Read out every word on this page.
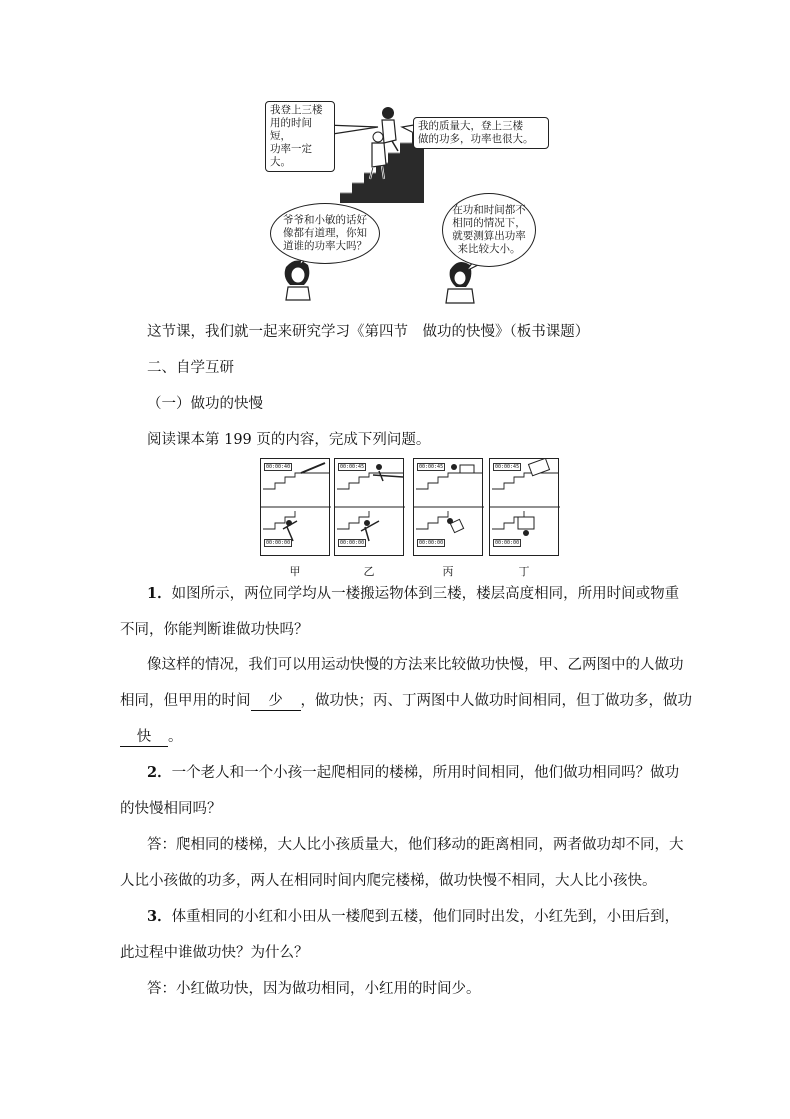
我登上三楼
用的时间短，
功率一定大。
我的质量大，登上三楼
做的功多，功率也很大。
爷爷和小敏的话好
像都有道理，你知
道谁的功率大吗？
在功和时间都不
相同的情况下，
就要测算出功率
来比较大小。
这节课，我们就一起来研究学习《第四节　做功的快慢》（板书课题）
二、自学互研
（一）做功的快慢
阅读课本第 199 页的内容，完成下列问题。
00:00:40
00:00:00
00:00:45
00:00:00
00:00:45
00:00:00
00:00:45
00:00:00
甲	乙	丙	丁
1．如图所示，两位同学均从一楼搬运物体到三楼，楼层高度相同，所用时间或物重
不同，你能判断谁做功快吗？
像这样的情况，我们可以用运动快慢的方法来比较做功快慢，甲、乙两图中的人做功
相同，但甲用的时间 少 ，做功快；丙、丁两图中人做功时间相同，但丁做功多，做功
快 。
2．一个老人和一个小孩一起爬相同的楼梯，所用时间相同，他们做功相同吗？做功
的快慢相同吗？
答：爬相同的楼梯，大人比小孩质量大，他们移动的距离相同，两者做功却不同，大
人比小孩做的功多，两人在相同时间内爬完楼梯，做功快慢不相同，大人比小孩快。
3．体重相同的小红和小田从一楼爬到五楼，他们同时出发，小红先到，小田后到，
此过程中谁做功快？为什么？
答：小红做功快，因为做功相同，小红用的时间少。
